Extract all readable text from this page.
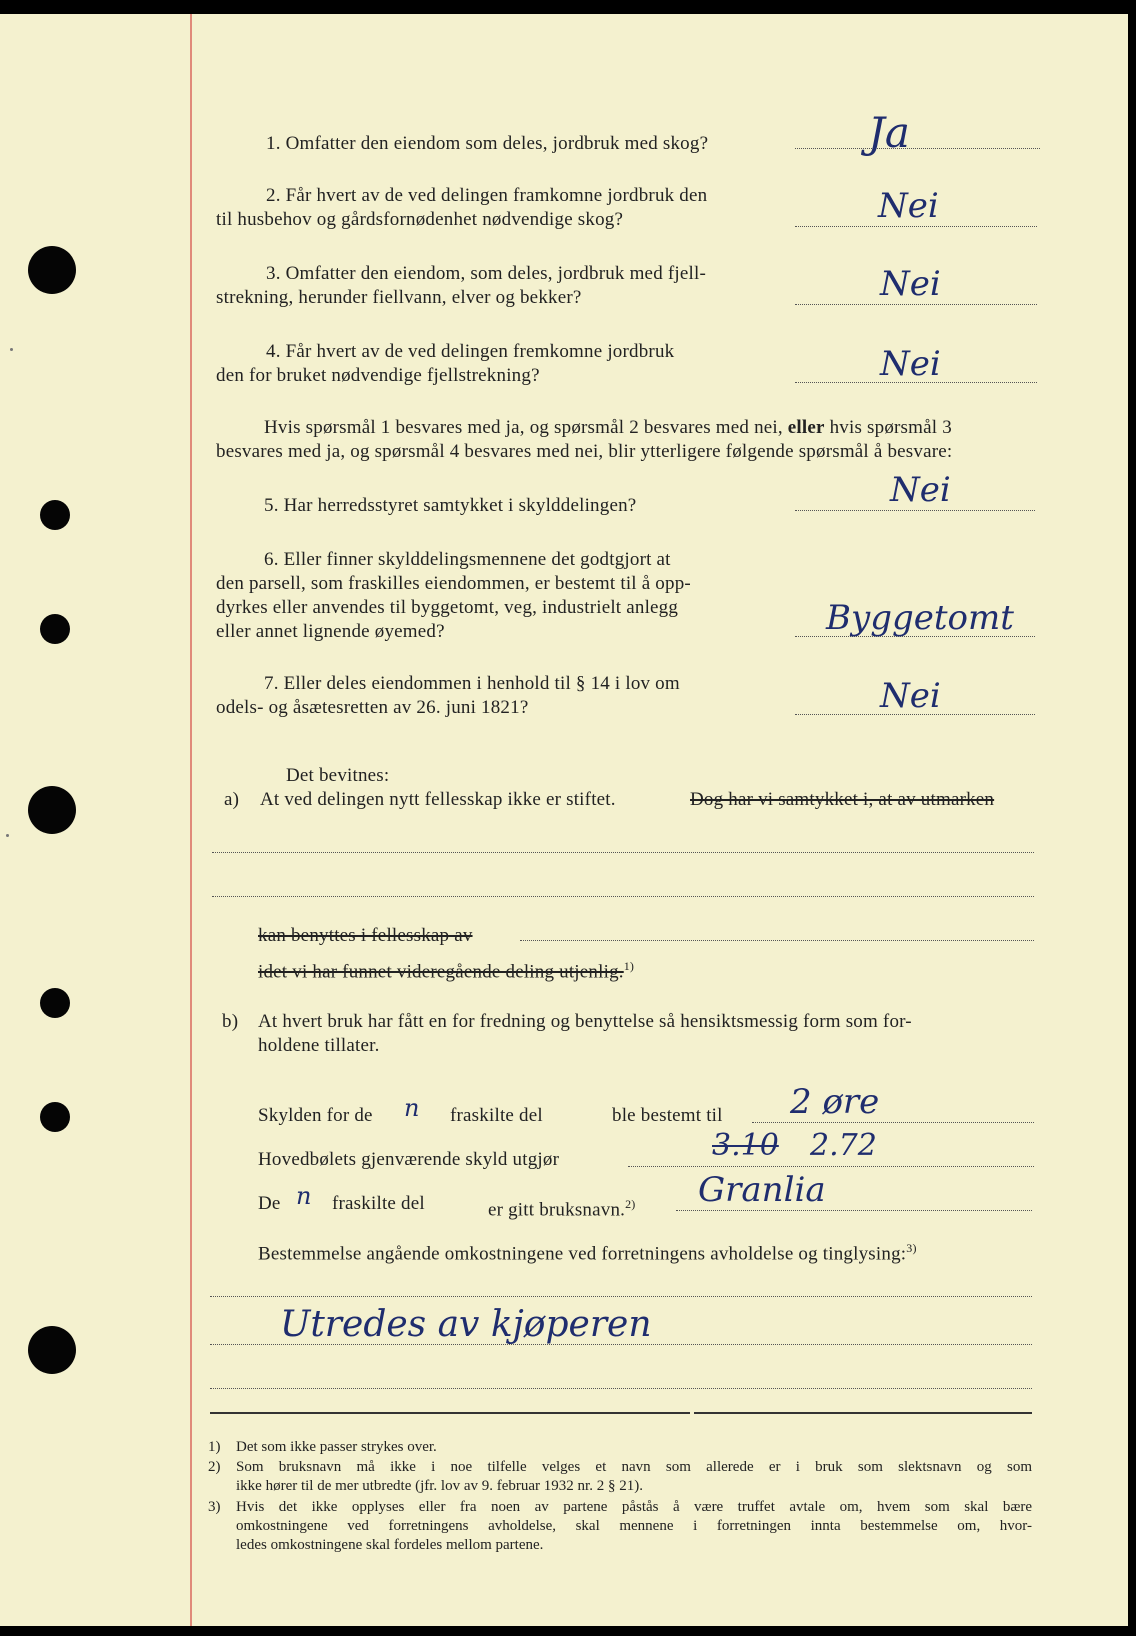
1. Omfatter den eiendom som deles, jordbruk med skog?	Ja
2. Får hvert av de ved delingen framkomne jordbruk den
til husbehov og gårdsfornødenhet nødvendige skog?	Nei
3. Omfatter den eiendom, som deles, jordbruk med fjell-
strekning, herunder fiellvann, elver og bekker?	Nei
4. Får hvert av de ved delingen fremkomne jordbruk
den for bruket nødvendige fjellstrekning?	Nei
Hvis spørsmål 1 besvares med ja, og spørsmål 2 besvares med nei, eller hvis spørsmål 3
besvares med ja, og spørsmål 4 besvares med nei, blir ytterligere følgende spørsmål å besvare:
5. Har herredsstyret samtykket i skylddelingen?	Nei
6. Eller finner skylddelingsmennene det godtgjort at
den parsell, som fraskilles eiendommen, er bestemt til å opp-
dyrkes eller anvendes til byggetomt, veg, industrielt anlegg
eller annet lignende øyemed?	Byggetomt
7. Eller deles eiendommen i henhold til § 14 i lov om
odels- og åsætesretten av 26. juni 1821?	Nei
Det bevitnes:
a) At ved delingen nytt fellesskap ikke er stiftet.	Dog har vi samtykket i, at av utmarken
kan benyttes i fellesskap av
idet vi har funnet videregående deling utjenlig.$^{1)}$
b) At hvert bruk har fått en for fredning og benyttelse så hensiktsmessig form som for-
holdene tillater.
Skylden for de n fraskilte del	ble bestemt til 2 øre
Hovedbølets gjenværende skyld utgjør	3.10 2.72
De n fraskilte del	er gitt bruksnavn.$^{2)}$ Granlia
Bestemmelse angående omkostningene ved forretningens avholdelse og tinglysing:$^{3)}$
Utredes av kjøperen
1) Det som ikke passer strykes over.
2) Som bruksnavn må ikke i noe tilfelle velges et navn som allerede er i bruk som slektsnavn og som
ikke hører til de mer utbredte (jfr. lov av 9. februar 1932 nr. 2 § 21).
3) Hvis det ikke opplyses eller fra noen av partene påstås å være truffet avtale om, hvem som skal bære
omkostningene ved forretningens avholdelse, skal mennene i forretningen innta bestemmelse om, hvor-
ledes omkostningene skal fordeles mellom partene.
